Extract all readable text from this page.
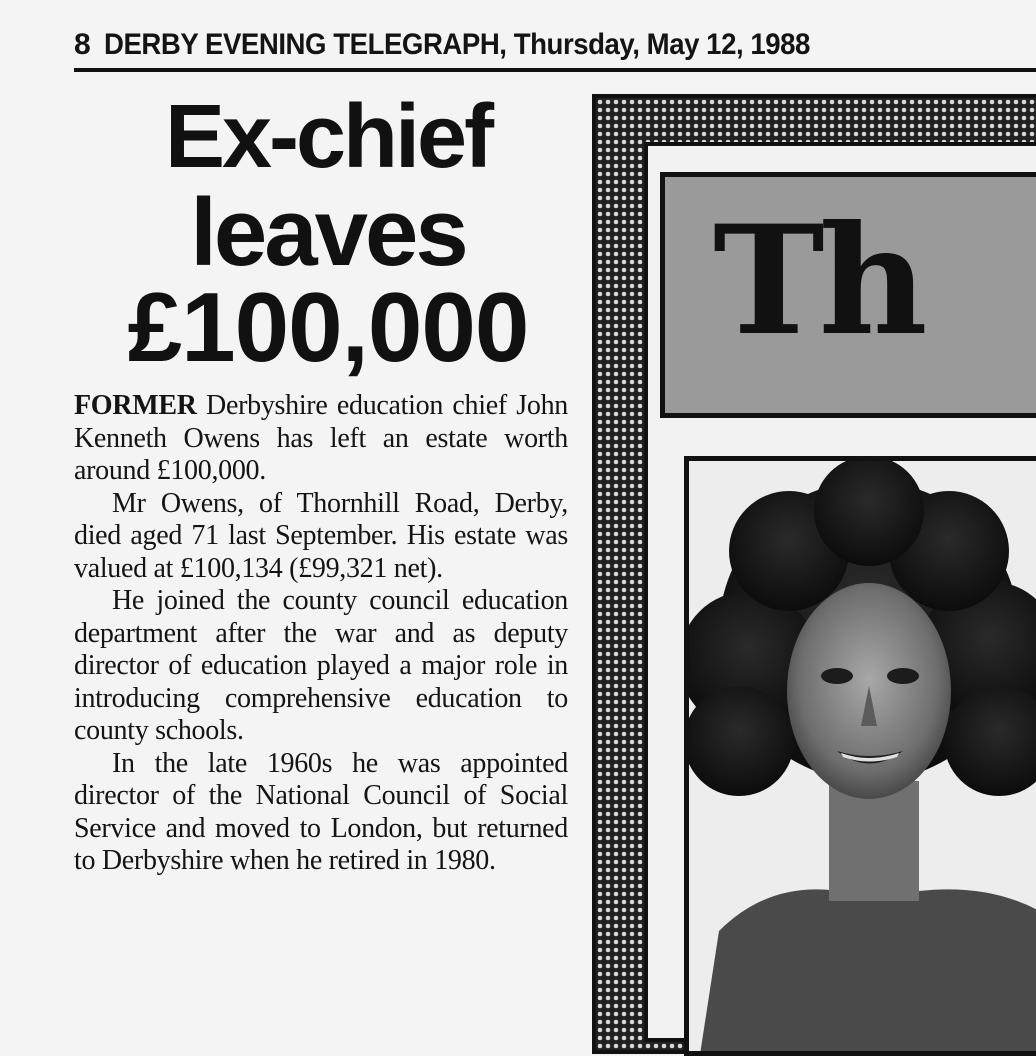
8 DERBY EVENING TELEGRAPH, Thursday, May 12, 1988
Ex-chief
leaves
£100,000

FORMER Derbyshire education chief John Kenneth Owens has left an estate worth around £100,000.

Mr Owens, of Thornhill Road, Derby, died aged 71 last September. His estate was valued at £100,134 (£99,321 net).

He joined the county council education department after the war and as deputy director of education played a major role in introducing comprehensive education to county schools.

In the late 1960s he was appointed director of the National Council of Social Service and moved to London, but returned to Derbyshire when he retired in 1980.

Th
